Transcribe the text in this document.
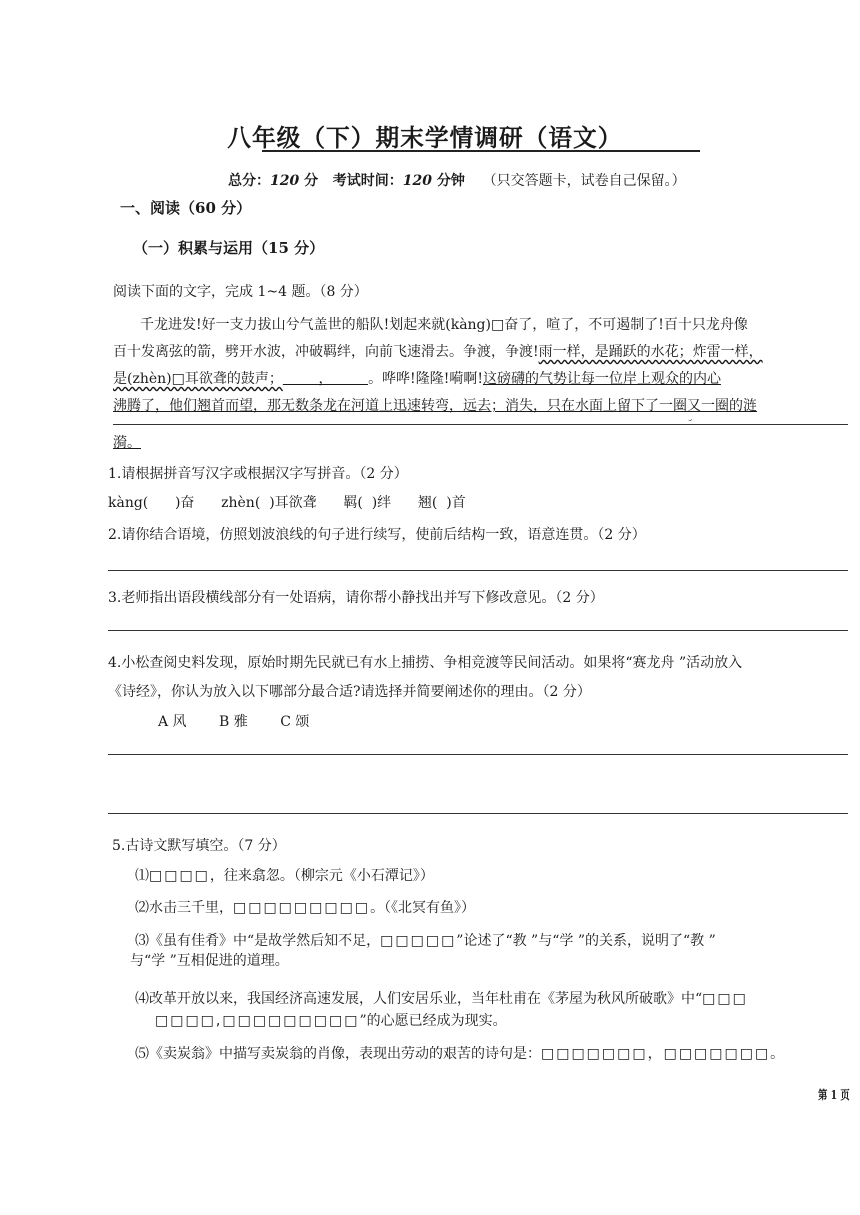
八年级（下）期末学情调研（语文）
总分：120 分 考试时间：120 分钟 （只交答题卡，试卷自己保留。）
一、阅读（60 分）
（一）积累与运用（15 分）
阅读下面的文字，完成 1~4 题。（8 分）
千龙进发!好一支力拔山兮气盖世的船队!划起来就(kàng)□奋了，喧了，不可遏制了!百十只龙舟像
百十发离弦的箭，劈开水波，冲破羁绊，向前飞速滑去。争渡，争渡!雨一样，是踊跃的水花；炸雷一样，
是(zhèn)□耳欲聋的鼓声；        ，        。哗哗!隆隆!嗬啊!这磅礴的气势让每一位岸上观众的内心
沸腾了，他们翘首而望，那无数条龙在河道上迅速转弯，远去；消失，只在水面上留下了一圈又一圈的涟
𝆤
漪。
1.请根据拼音写汉字或根据汉字写拼音。（2 分）
kàng(      )奋      zhèn(  )耳欲聋      羁(  )绊      翘(  )首
2.请你结合语境，仿照划波浪线的句子进行续写，使前后结构一致，语意连贯。（2 分）
3.老师指出语段横线部分有一处语病，请你帮小静找出并写下修改意见。（2 分）
4.小松查阅史料发现，原始时期先民就已有水上捕捞、争相竞渡等民间活动。如果将“赛龙舟 ”活动放入
《诗经》，你认为放入以下哪部分最合适?请选择并简要阐述你的理由。（2 分）
A 风 B 雅 C 颂
5.古诗文默写填空。（7 分）
⑴□□□□，往来翕忽。（柳宗元《小石潭记》）
⑵水击三千里，□□□□□□□□□。（《北冥有鱼》）
⑶《虽有佳肴》中“是故学然后知不足，□□□□□”论述了“教 ”与“学 ”的关系，说明了“教 ”
与“学 ”互相促进的道理。
⑷改革开放以来，我国经济高速发展，人们安居乐业，当年杜甫在《茅屋为秋风所破歌》中“□□□
□□□□,□□□□□□□□□”的心愿已经成为现实。
⑸《卖炭翁》中描写卖炭翁的肖像，表现出劳动的艰苦的诗句是：□□□□□□□，□□□□□□□。
第 1 页
